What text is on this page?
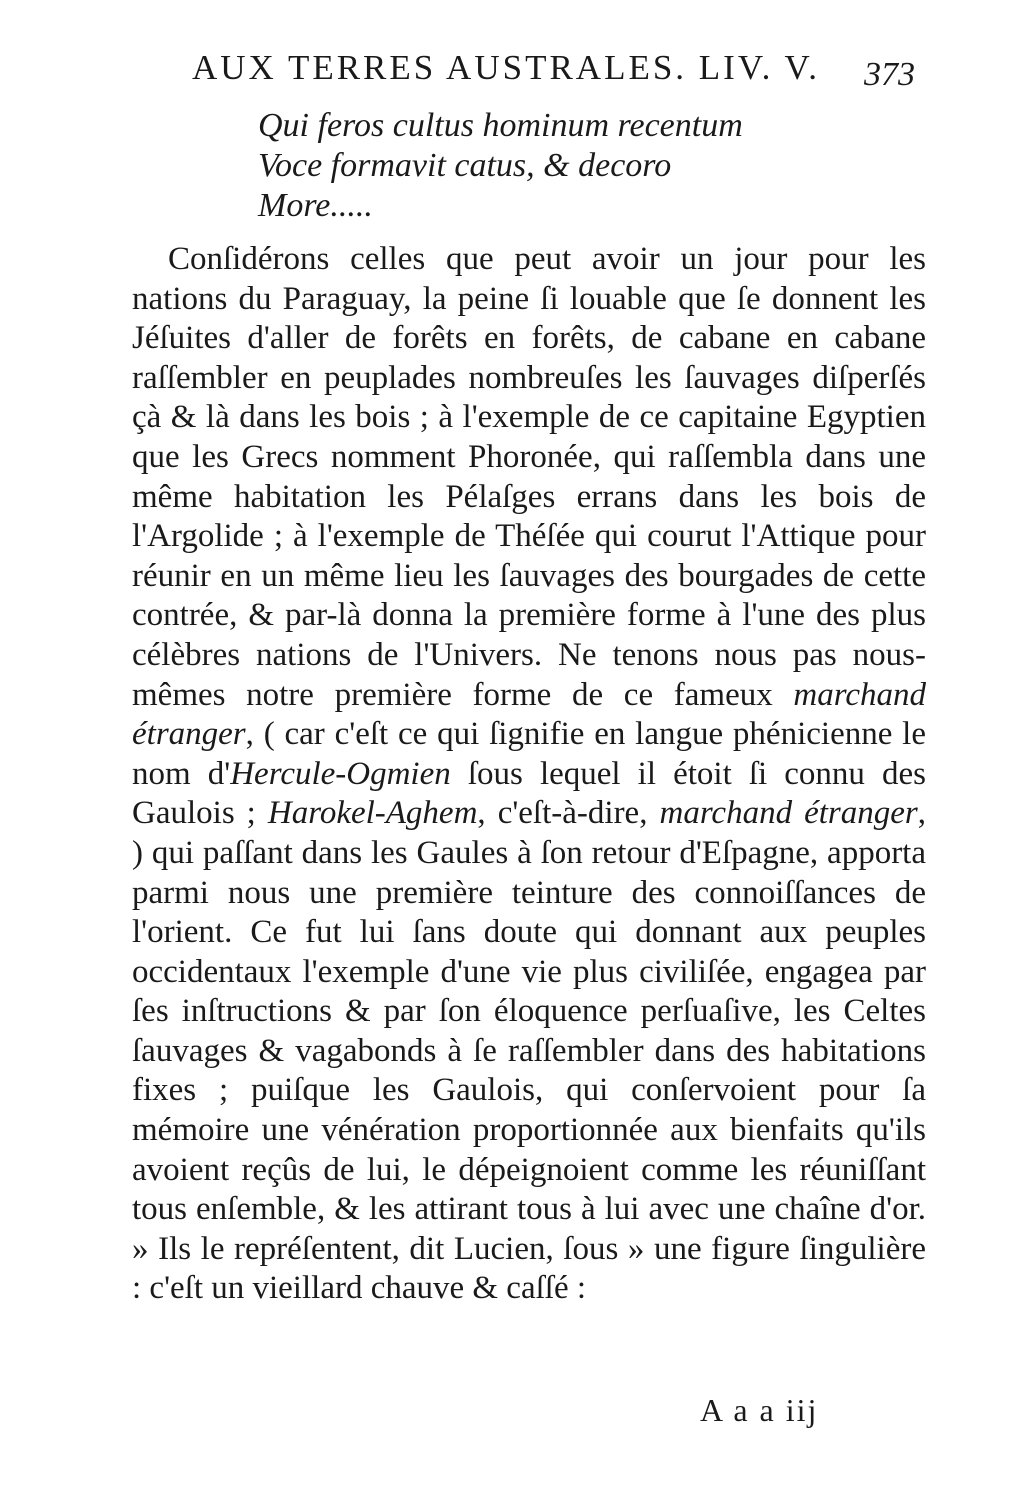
AUX TERRES AUSTRALES. LIV. V.	373
Qui feros cultus hominum recentum
Voce formavit catus, & decoro
More.....

Conſidérons celles que peut avoir un jour pour les nations du Paraguay, la peine ſi louable que ſe donnent les Jéſuites d'aller de forêts en forêts, de cabane en cabane raſſembler en peuplades nombreuſes les ſauvages diſperſés çà & là dans les bois ; à l'exemple de ce capitaine Egyptien que les Grecs nomment Phoronée, qui raſſembla dans une même habitation les Pélaſges errans dans les bois de l'Argolide ; à l'exemple de Théſée qui courut l'Attique pour réunir en un même lieu les ſauvages des bourgades de cette contrée, & par-là donna la première forme à l'une des plus célèbres nations de l'Univers. Ne tenons nous pas nous-mêmes notre première forme de ce fameux marchand étranger, ( car c'eſt ce qui ſignifie en langue phénicienne le nom d'Hercule-Ogmien ſous lequel il étoit ſi connu des Gaulois ; Harokel-Aghem, c'eſt-à-dire, marchand étranger, ) qui paſſant dans les Gaules à ſon retour d'Eſpagne, apporta parmi nous une première teinture des connoiſſances de l'orient. Ce fut lui ſans doute qui donnant aux peuples occidentaux l'exemple d'une vie plus civiliſée, engagea par ſes inſtructions & par ſon éloquence perſuaſive, les Celtes ſauvages & vagabonds à ſe raſſembler dans des habitations fixes ; puiſque les Gaulois, qui conſervoient pour ſa mémoire une vénération proportionnée aux bienfaits qu'ils avoient reçûs de lui, le dépeignoient comme les réuniſſant tous enſemble, & les attirant tous à lui avec une chaîne d'or. » Ils le repréſentent, dit Lucien, ſous » une figure ſingulière : c'eſt un vieillard chauve & caſſé :

A a a iij
